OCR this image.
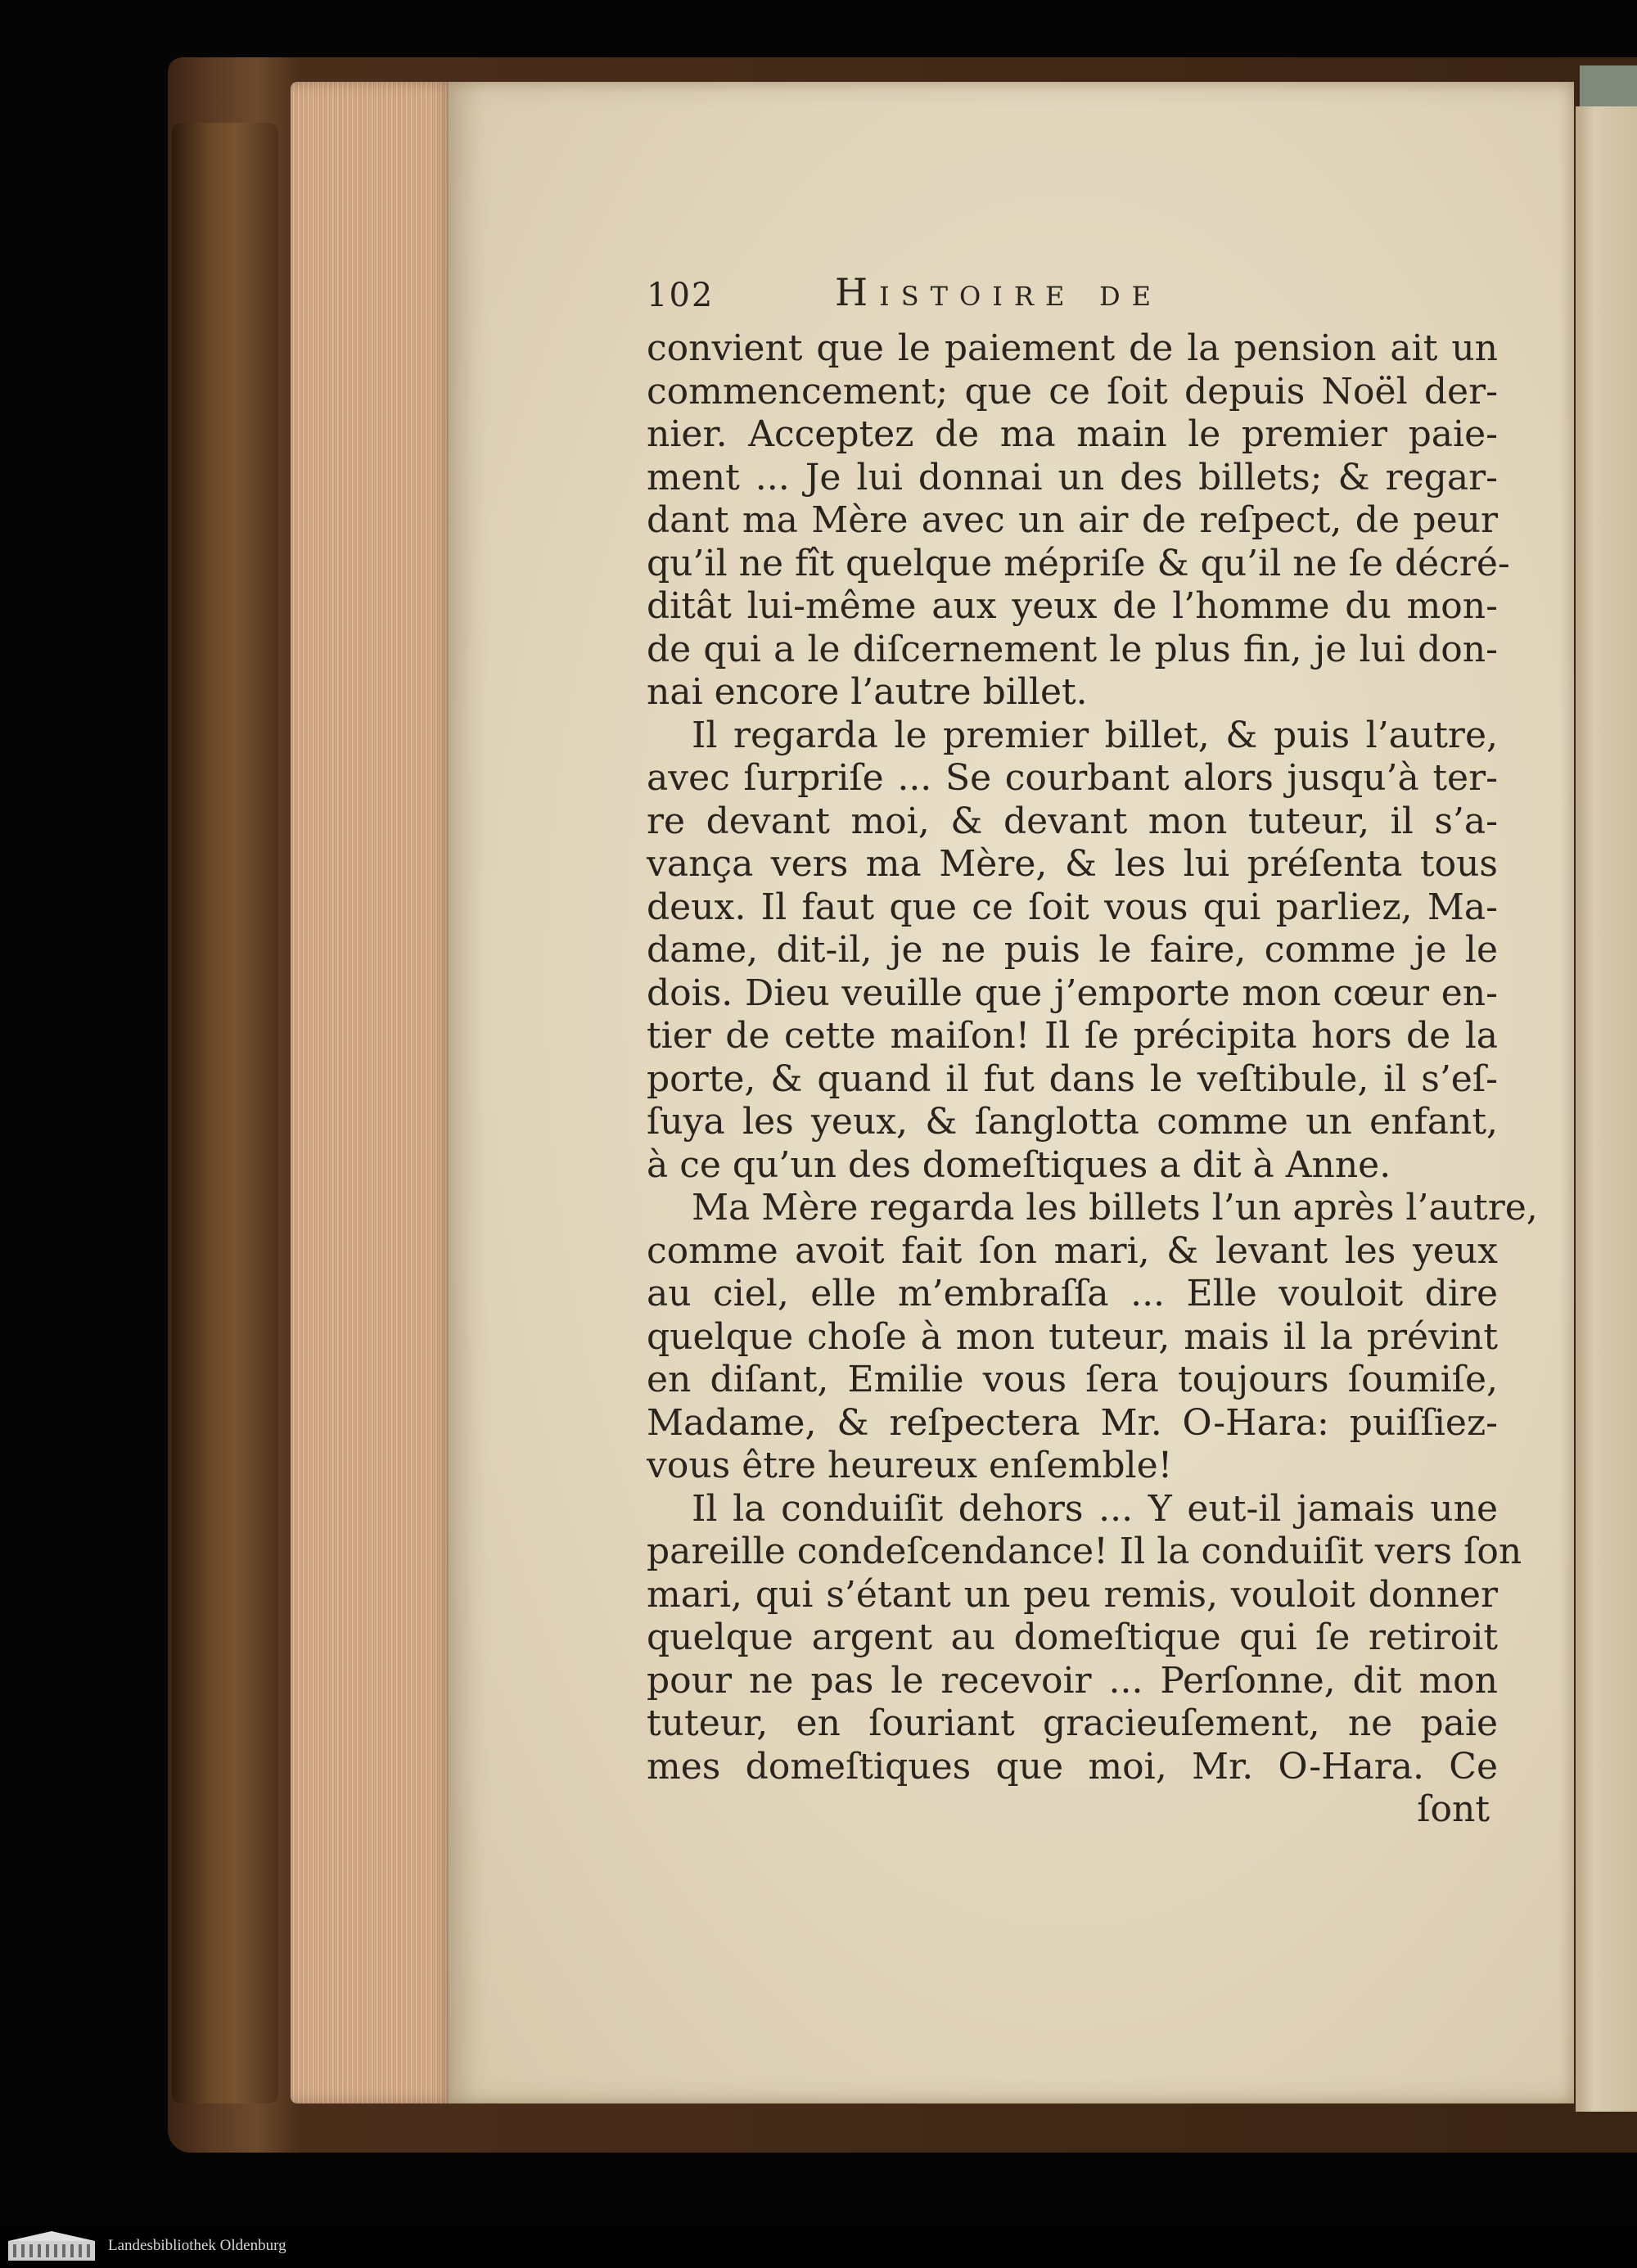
102	Histoire de
convient que le paiement de la pension ait un
commencement; que ce ſoit depuis Noël der-
nier. Acceptez de ma main le premier paie-
ment ... Je lui donnai un des billets; & regar-
dant ma Mère avec un air de reſpect, de peur
qu’il ne fît quelque mépriſe & qu’il ne ſe décré-
ditât lui-même aux yeux de l’homme du mon-
de qui a le diſcernement le plus fin, je lui don-
nai encore l’autre billet.
Il regarda le premier billet, & puis l’autre,
avec ſurpriſe ... Se courbant alors jusqu’à ter-
re devant moi, & devant mon tuteur, il s’a-
vança vers ma Mère, & les lui préſenta tous
deux. Il faut que ce ſoit vous qui parliez, Ma-
dame, dit-il, je ne puis le faire, comme je le
dois. Dieu veuille que j’emporte mon cœur en-
tier de cette maiſon! Il ſe précipita hors de la
porte, & quand il fut dans le veſtibule, il s’eſ-
ſuya les yeux, & ſanglotta comme un enfant,
à ce qu’un des domeſtiques a dit à Anne.
Ma Mère regarda les billets l’un après l’autre,
comme avoit fait ſon mari, & levant les yeux
au ciel, elle m’embraſſa ... Elle vouloit dire
quelque choſe à mon tuteur, mais il la prévint
en diſant, Emilie vous ſera toujours ſoumiſe,
Madame, & reſpectera Mr. O-Hara: puiſſiez-
vous être heureux enſemble!
Il la conduiſit dehors ... Y eut-il jamais une
pareille condeſcendance! Il la conduiſit vers ſon
mari, qui s’étant un peu remis, vouloit donner
quelque argent au domeſtique qui ſe retiroit
pour ne pas le recevoir ... Perſonne, dit mon
tuteur, en ſouriant gracieuſement, ne paie
mes domeſtiques que moi, Mr. O-Hara. Ce
ſont
Landesbibliothek Oldenburg
